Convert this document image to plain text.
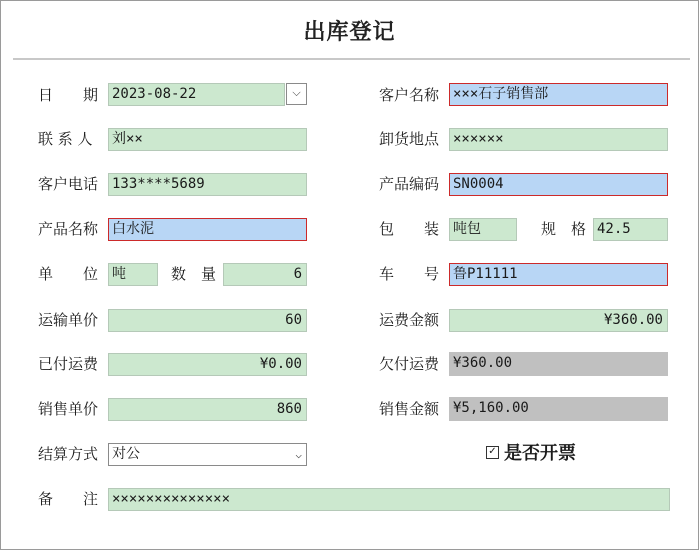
出库登记
日　　期 2023-08-22	⌵
联 系 人 刘××
客户电话 133****5689
产品名称 白水泥
单　　位 吨	数　量	6
运输单价	60
已付运费	¥0.00
销售单价	860
结算方式 对公	⌵
备　　注 ××××××××××××××
客户名称 ×××石子销售部
卸货地点 ××××××
产品编码 SN0004
包　　装 吨包	规　格 42.5
车　　号 鲁P11111
运费金额	¥360.00
欠付运费 ¥360.00
销售金额 ¥5,160.00
✓ 是否开票
